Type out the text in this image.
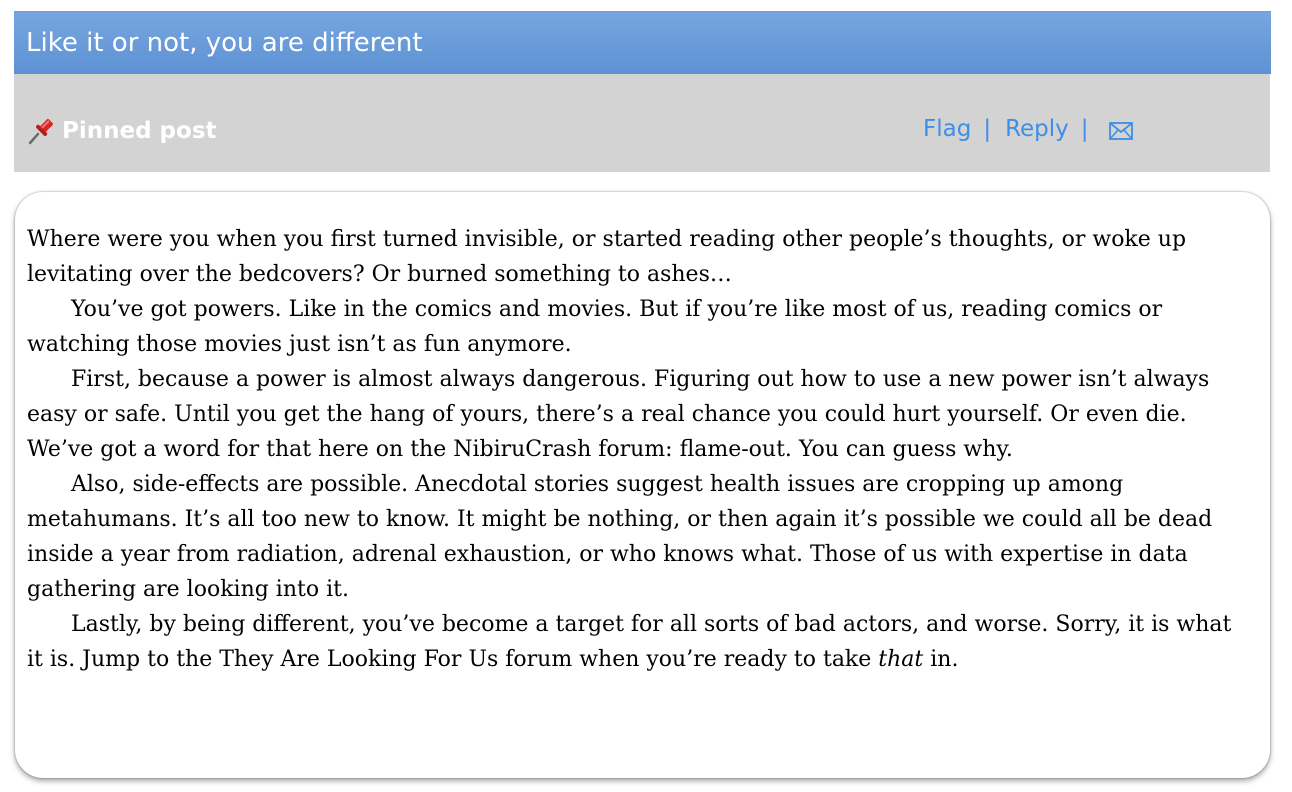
Like it or not, you are different
Pinned post	Flag | Reply |

Where were you when you first turned invisible, or started reading other people’s thoughts, or woke up levitating over the bedcovers? Or burned something to ashes…

You’ve got powers. Like in the comics and movies. But if you’re like most of us, reading comics or watching those movies just isn’t as fun anymore.

First, because a power is almost always dangerous. Figuring out how to use a new power isn’t always easy or safe. Until you get the hang of yours, there’s a real chance you could hurt yourself. Or even die. We’ve got a word for that here on the NibiruCrash forum: flame-out. You can guess why.

Also, side-effects are possible. Anecdotal stories suggest health issues are cropping up among metahumans. It’s all too new to know. It might be nothing, or then again it’s possible we could all be dead inside a year from radiation, adrenal exhaustion, or who knows what. Those of us with expertise in data gathering are looking into it.

Lastly, by being different, you’ve become a target for all sorts of bad actors, and worse. Sorry, it is what it is. Jump to the They Are Looking For Us forum when you’re ready to take that in.
